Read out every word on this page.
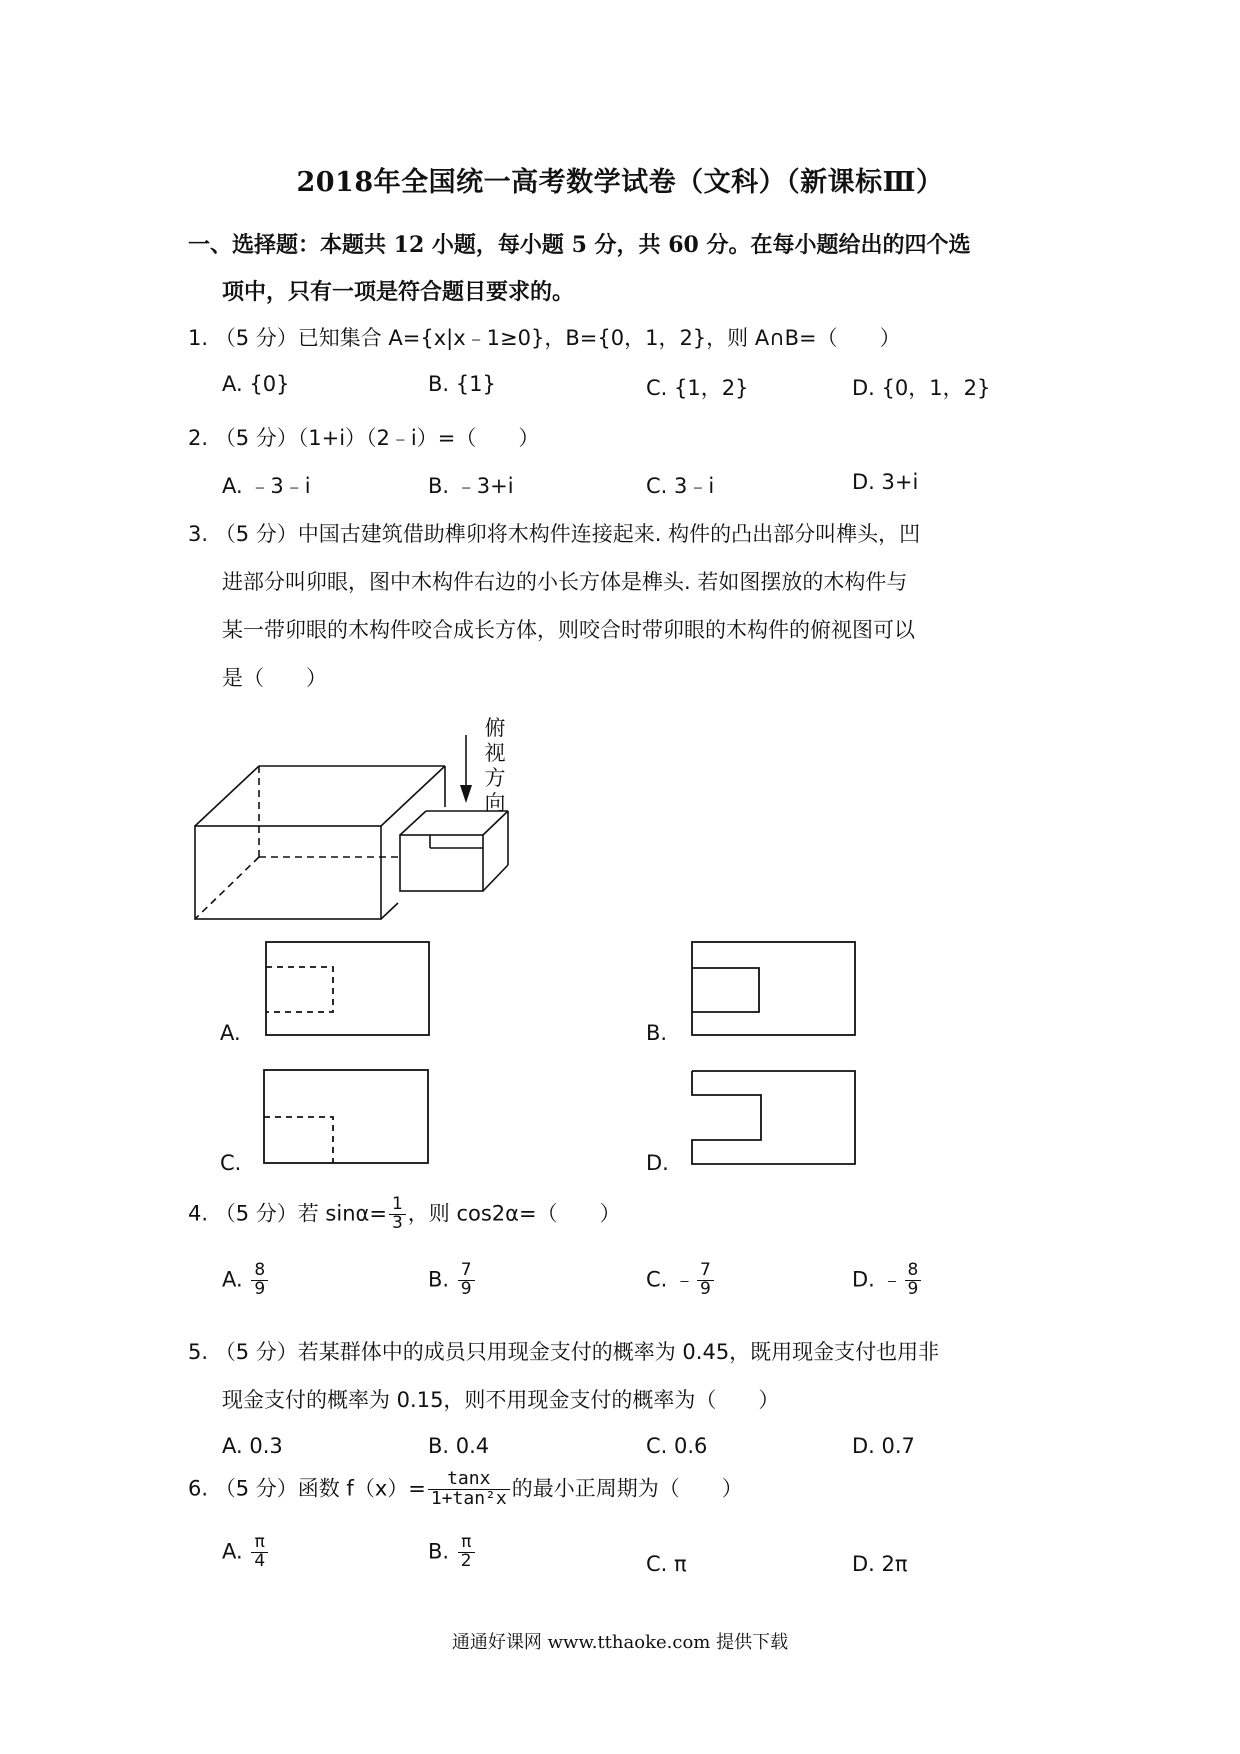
2018年全国统一高考数学试卷（文科）（新课标Ⅲ）
一、选择题：本题共 12 小题，每小题 5 分，共 60 分。在每小题给出的四个选
项中，只有一项是符合题目要求的。
1. （5 分）已知集合 A={x|x﹣1≥0}，B={0，1，2}，则 A∩B=（　　）
A. {0}	B. {1}	C. {1，2}	D. {0，1，2}
2. （5 分）（1+i）（2﹣i）=（　　）
A. ﹣3﹣i	B. ﹣3+i	C. 3﹣i	D. 3+i
3. （5 分）中国古建筑借助榫卯将木构件连接起来. 构件的凸出部分叫榫头，凹
进部分叫卯眼，图中木构件右边的小长方体是榫头. 若如图摆放的木构件与
某一带卯眼的木构件咬合成长方体，则咬合时带卯眼的木构件的俯视图可以
是（　　）
俯
视
方
向
A.	B.
C.	D.
4. （5 分）若 $\sin\alpha= \frac{1}{3}$ ，则 cos2α=（　　）
A. $\frac{8}{9}$	B. $\frac{7}{9}$	C. ﹣ $\frac{7}{9}$	D. ﹣ $\frac{8}{9}$
5. （5 分）若某群体中的成员只用现金支付的概率为 0.45，既用现金支付也用非
现金支付的概率为 0.15，则不用现金支付的概率为（　　）
A. 0.3	B. 0.4	C. 0.6	D. 0.7
6. （5 分）函数 $f(x)= \frac{\tan x}{\text{1+tan²x}}$ 的最小正周期为（　　）
A. $\frac{\pi}{4}$	B. $\frac{\pi}{2}$	C. π	D. 2π
通通好课网 www.tthaoke.com 提供下载
